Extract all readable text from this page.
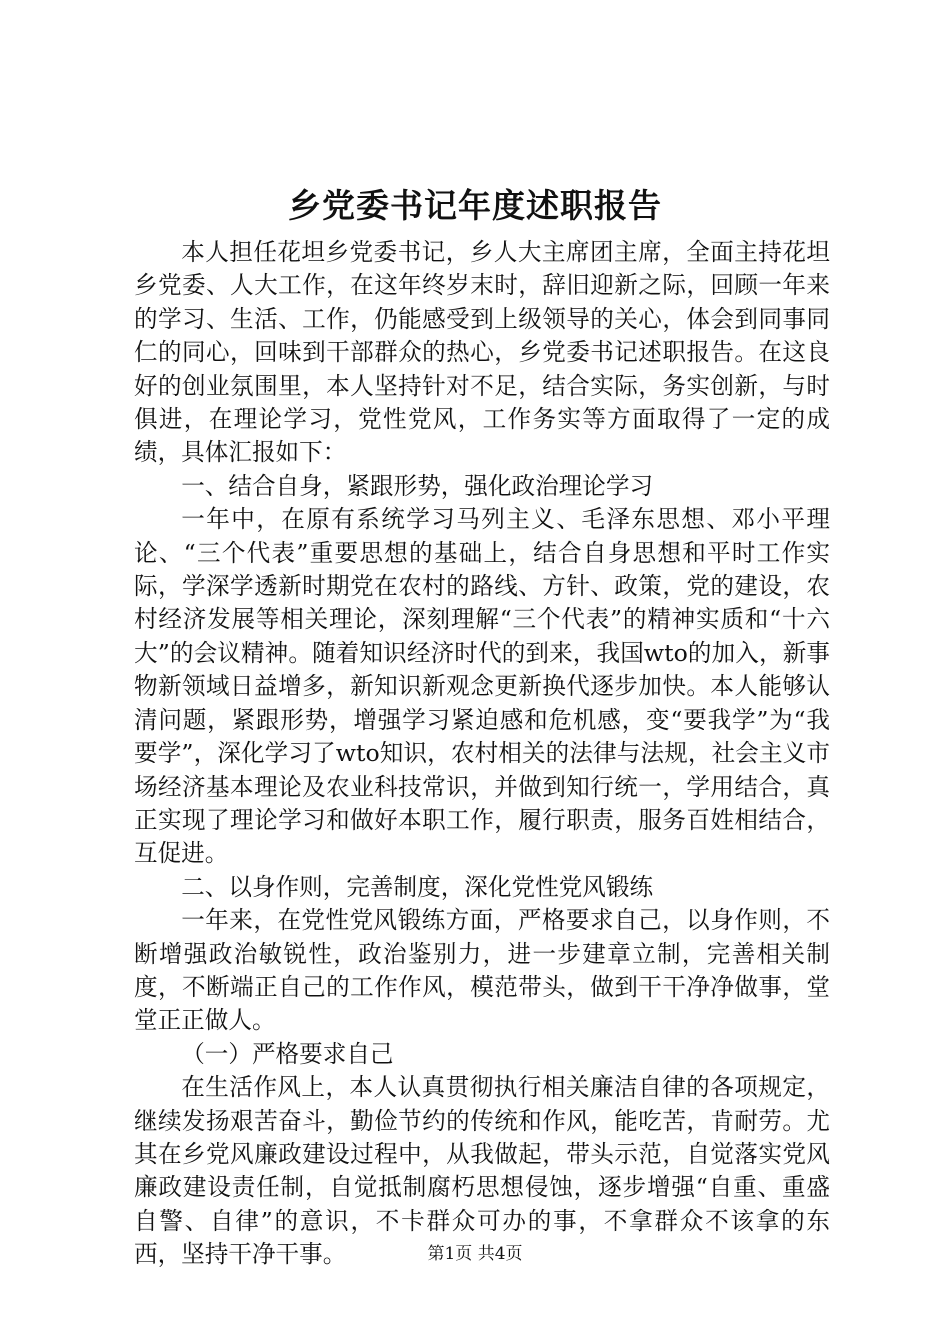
乡党委书记年度述职报告

本人担任花坦乡党委书记，乡人大主席团主席，全面主持花坦乡党委、人大工作，在这年终岁末时，辞旧迎新之际，回顾一年来的学习、生活、工作，仍能感受到上级领导的关心，体会到同事同仁的同心，回味到干部群众的热心，乡党委书记述职报告。在这良好的创业氛围里，本人坚持针对不足，结合实际，务实创新，与时俱进，在理论学习，党性党风，工作务实等方面取得了一定的成绩，具体汇报如下：

一、结合自身，紧跟形势，强化政治理论学习

一年中，在原有系统学习马列主义、毛泽东思想、邓小平理论、“三个代表”重要思想的基础上，结合自身思想和平时工作实际，学深学透新时期党在农村的路线、方针、政策，党的建设，农村经济发展等相关理论，深刻理解“三个代表”的精神实质和“十六大”的会议精神。随着知识经济时代的到来，我国wto的加入，新事物新领域日益增多，新知识新观念更新换代逐步加快。本人能够认清问题，紧跟形势，增强学习紧迫感和危机感，变“要我学”为“我要学”，深化学习了wto知识，农村相关的法律与法规，社会主义市场经济基本理论及农业科技常识，并做到知行统一，学用结合，真正实现了理论学习和做好本职工作，履行职责，服务百姓相结合，互促进。

二、以身作则，完善制度，深化党性党风锻练

一年来，在党性党风锻练方面，严格要求自己，以身作则，不断增强政治敏锐性，政治鉴别力，进一步建章立制，完善相关制度，不断端正自己的工作作风，模范带头，做到干干净净做事，堂堂正正做人。

（一）严格要求自己

在生活作风上，本人认真贯彻执行相关廉洁自律的各项规定，继续发扬艰苦奋斗，勤俭节约的传统和作风，能吃苦，肯耐劳。尤其在乡党风廉政建设过程中，从我做起，带头示范，自觉落实党风廉政建设责任制，自觉抵制腐朽思想侵蚀，逐步增强“自重、重盛自警、自律”的意识，不卡群众可办的事，不拿群众不该拿的东西，坚持干净干事。	第1页 共4页
